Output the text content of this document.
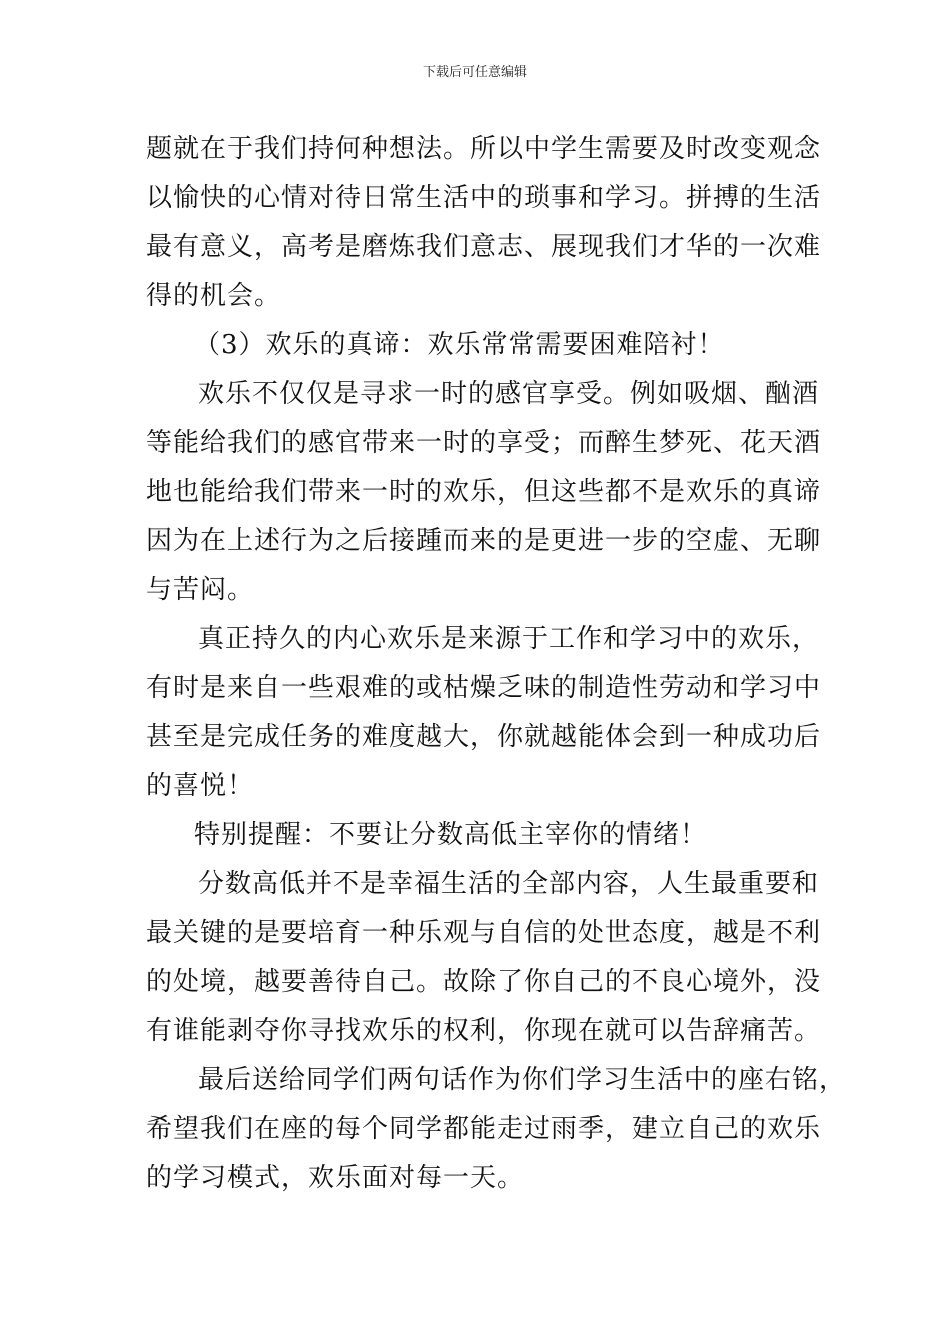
下载后可任意编辑
题就在于我们持何种想法。所以中学生需要及时改变观念
以愉快的心情对待日常生活中的琐事和学习。拼搏的生活
最有意义，高考是磨炼我们意志、展现我们才华的一次难
得的机会。
（3）欢乐的真谛：欢乐常常需要困难陪衬！
欢乐不仅仅是寻求一时的感官享受。例如吸烟、酗酒
等能给我们的感官带来一时的享受；而醉生梦死、花天酒
地也能给我们带来一时的欢乐，但这些都不是欢乐的真谛
因为在上述行为之后接踵而来的是更进一步的空虚、无聊
与苦闷。
真正持久的内心欢乐是来源于工作和学习中的欢乐，
有时是来自一些艰难的或枯燥乏味的制造性劳动和学习中
甚至是完成任务的难度越大，你就越能体会到一种成功后
的喜悦！
特别提醒：不要让分数高低主宰你的情绪！
分数高低并不是幸福生活的全部内容，人生最重要和
最关键的是要培育一种乐观与自信的处世态度，越是不利
的处境，越要善待自己。故除了你自己的不良心境外，没
有谁能剥夺你寻找欢乐的权利，你现在就可以告辞痛苦。
最后送给同学们两句话作为你们学习生活中的座右铭，
希望我们在座的每个同学都能走过雨季，建立自己的欢乐
的学习模式，欢乐面对每一天。
